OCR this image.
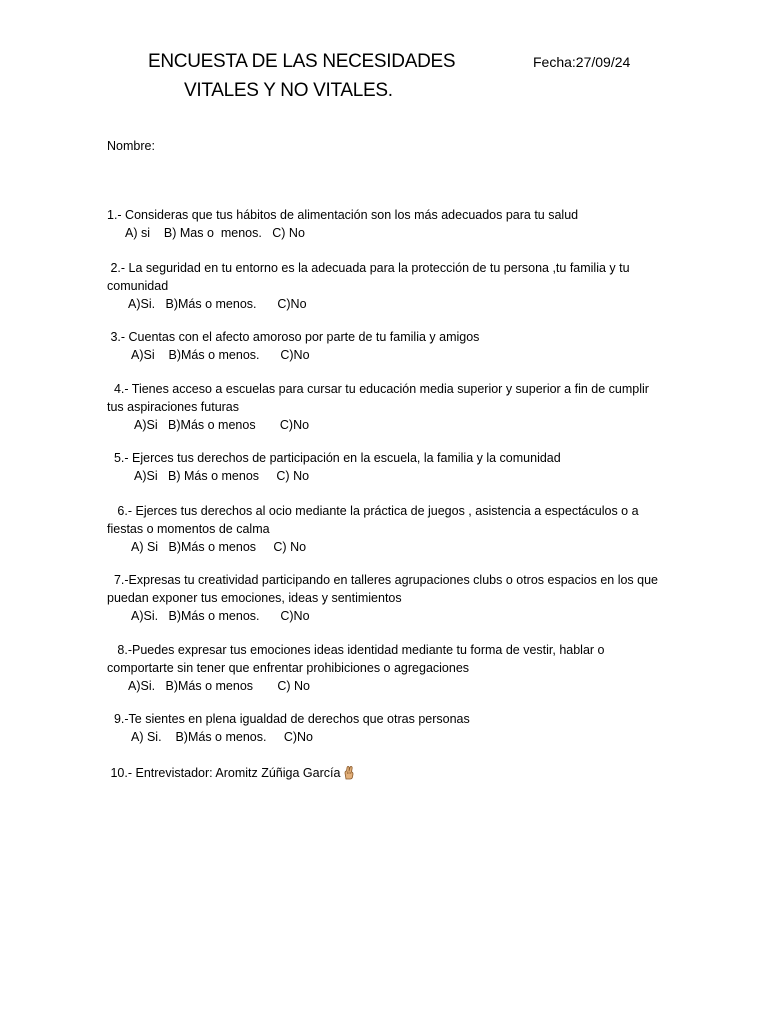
ENCUESTA DE LAS NECESIDADES
VITALES Y NO VITALES.
Fecha:27/09/24
Nombre:
1.- Consideras que tus hábitos de alimentación son los más adecuados para tu salud
A) si    B) Mas o  menos.   C) No
2.- La seguridad en tu entorno es la adecuada para la protección de tu persona ,tu familia y tu
comunidad
A)Si.   B)Más o menos.      C)No
3.- Cuentas con el afecto amoroso por parte de tu familia y amigos
A)Si    B)Más o menos.      C)No
4.- Tienes acceso a escuelas para cursar tu educación media superior y superior a fin de cumplir
tus aspiraciones futuras
A)Si   B)Más o menos       C)No
5.- Ejerces tus derechos de participación en la escuela, la familia y la comunidad
A)Si   B) Más o menos     C) No
6.- Ejerces tus derechos al ocio mediante la práctica de juegos , asistencia a espectáculos o a
fiestas o momentos de calma
A) Si   B)Más o menos     C) No
7.-Expresas tu creatividad participando en talleres agrupaciones clubs o otros espacios en los que
puedan exponer tus emociones, ideas y sentimientos
A)Si.   B)Más o menos.      C)No
8.-Puedes expresar tus emociones ideas identidad mediante tu forma de vestir, hablar o
comportarte sin tener que enfrentar prohibiciones o agregaciones
A)Si.   B)Más o menos       C) No
9.-Te sientes en plena igualdad de derechos que otras personas
A) Si.    B)Más o menos.     C)No
10.- Entrevistador: Aromitz Zúñiga García
